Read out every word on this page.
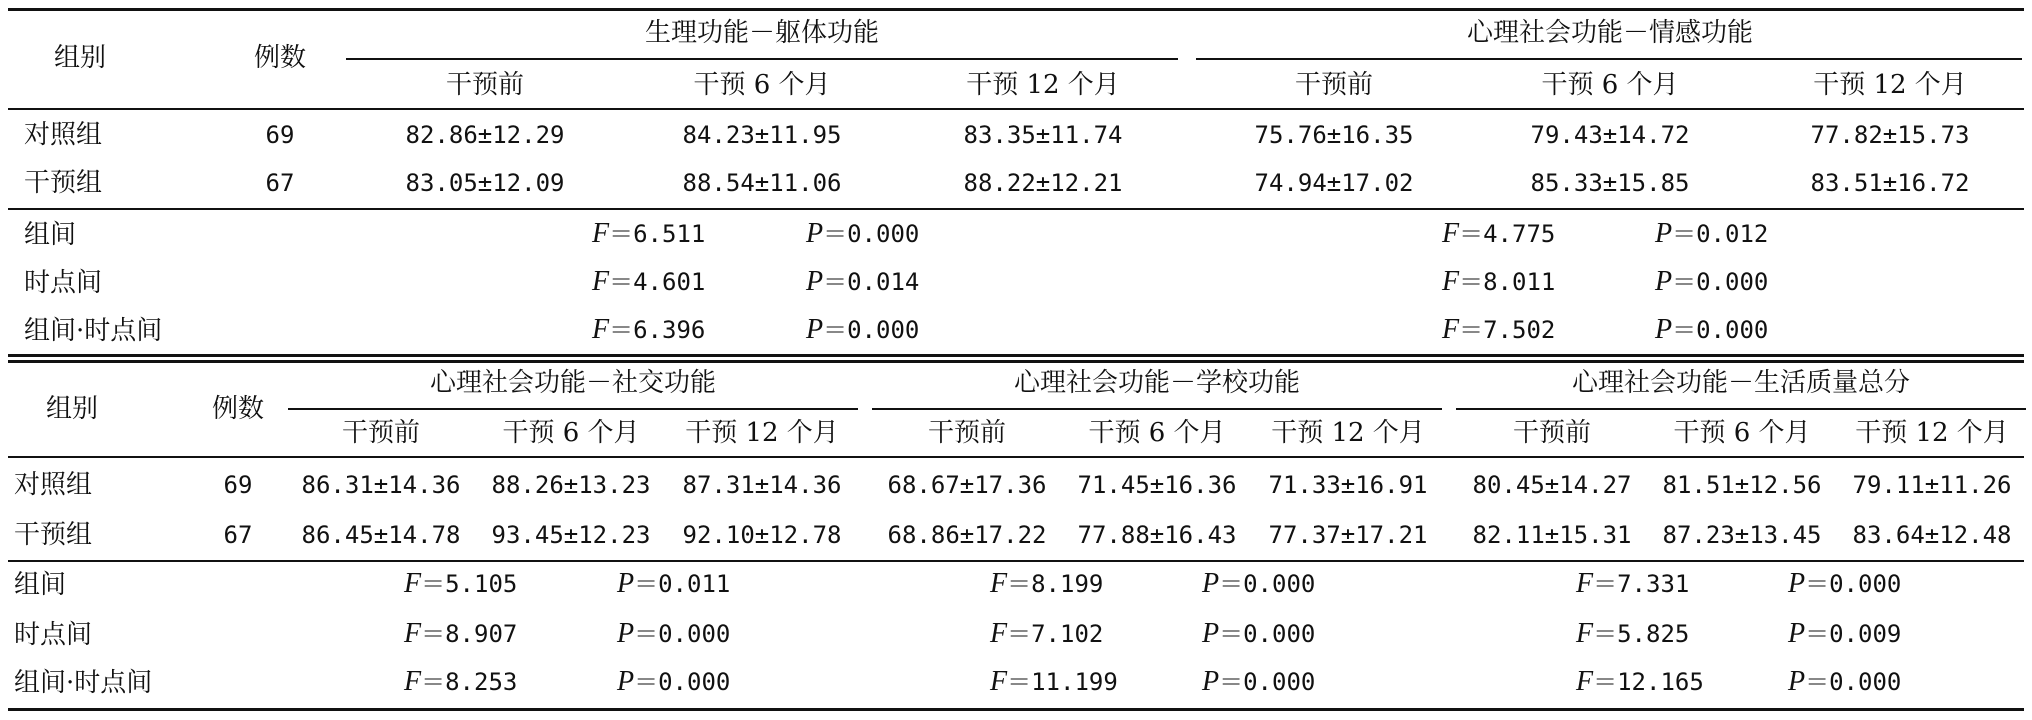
组别	例数
生理功能－躯体功能	心理社会功能－情感功能
干预前	干预 6 个月	干预 12 个月	干预前	干预 6 个月	干预 12 个月
对照组	69	82.86±12.29	84.23±11.95	83.35±11.74	75.76±16.35	79.43±14.72	77.82±15.73
干预组	67	83.05±12.09	88.54±11.06	88.22±12.21	74.94±17.02	85.33±15.85	83.51±16.72
组间	F＝6.511	P＝0.000	F＝4.775	P＝0.012
时点间	F＝4.601	P＝0.014	F＝8.011	P＝0.000
组间·时点间	F＝6.396	P＝0.000	F＝7.502	P＝0.000
组别	例数
心理社会功能－社交功能	心理社会功能－学校功能	心理社会功能－生活质量总分
干预前	干预 6 个月 干预 12 个月	干预前	干预 6 个月 干预 12 个月	干预前	干预 6 个月 干预 12 个月
对照组	69 86.31±14.36 88.26±13.23 87.31±14.36 68.67±17.36 71.45±16.36 71.33±16.91 80.45±14.27 81.51±12.56 79.11±11.26
干预组	67 86.45±14.78 93.45±12.23 92.10±12.78 68.86±17.22 77.88±16.43 77.37±17.21 82.11±15.31 87.23±13.45 83.64±12.48
组间	F＝5.105	P＝0.011	F＝8.199	P＝0.000	F＝7.331	P＝0.000
时点间	F＝8.907	P＝0.000	F＝7.102	P＝0.000	F＝5.825	P＝0.009
组间·时点间	F＝8.253	P＝0.000	F＝11.199	P＝0.000	F＝12.165	P＝0.000
